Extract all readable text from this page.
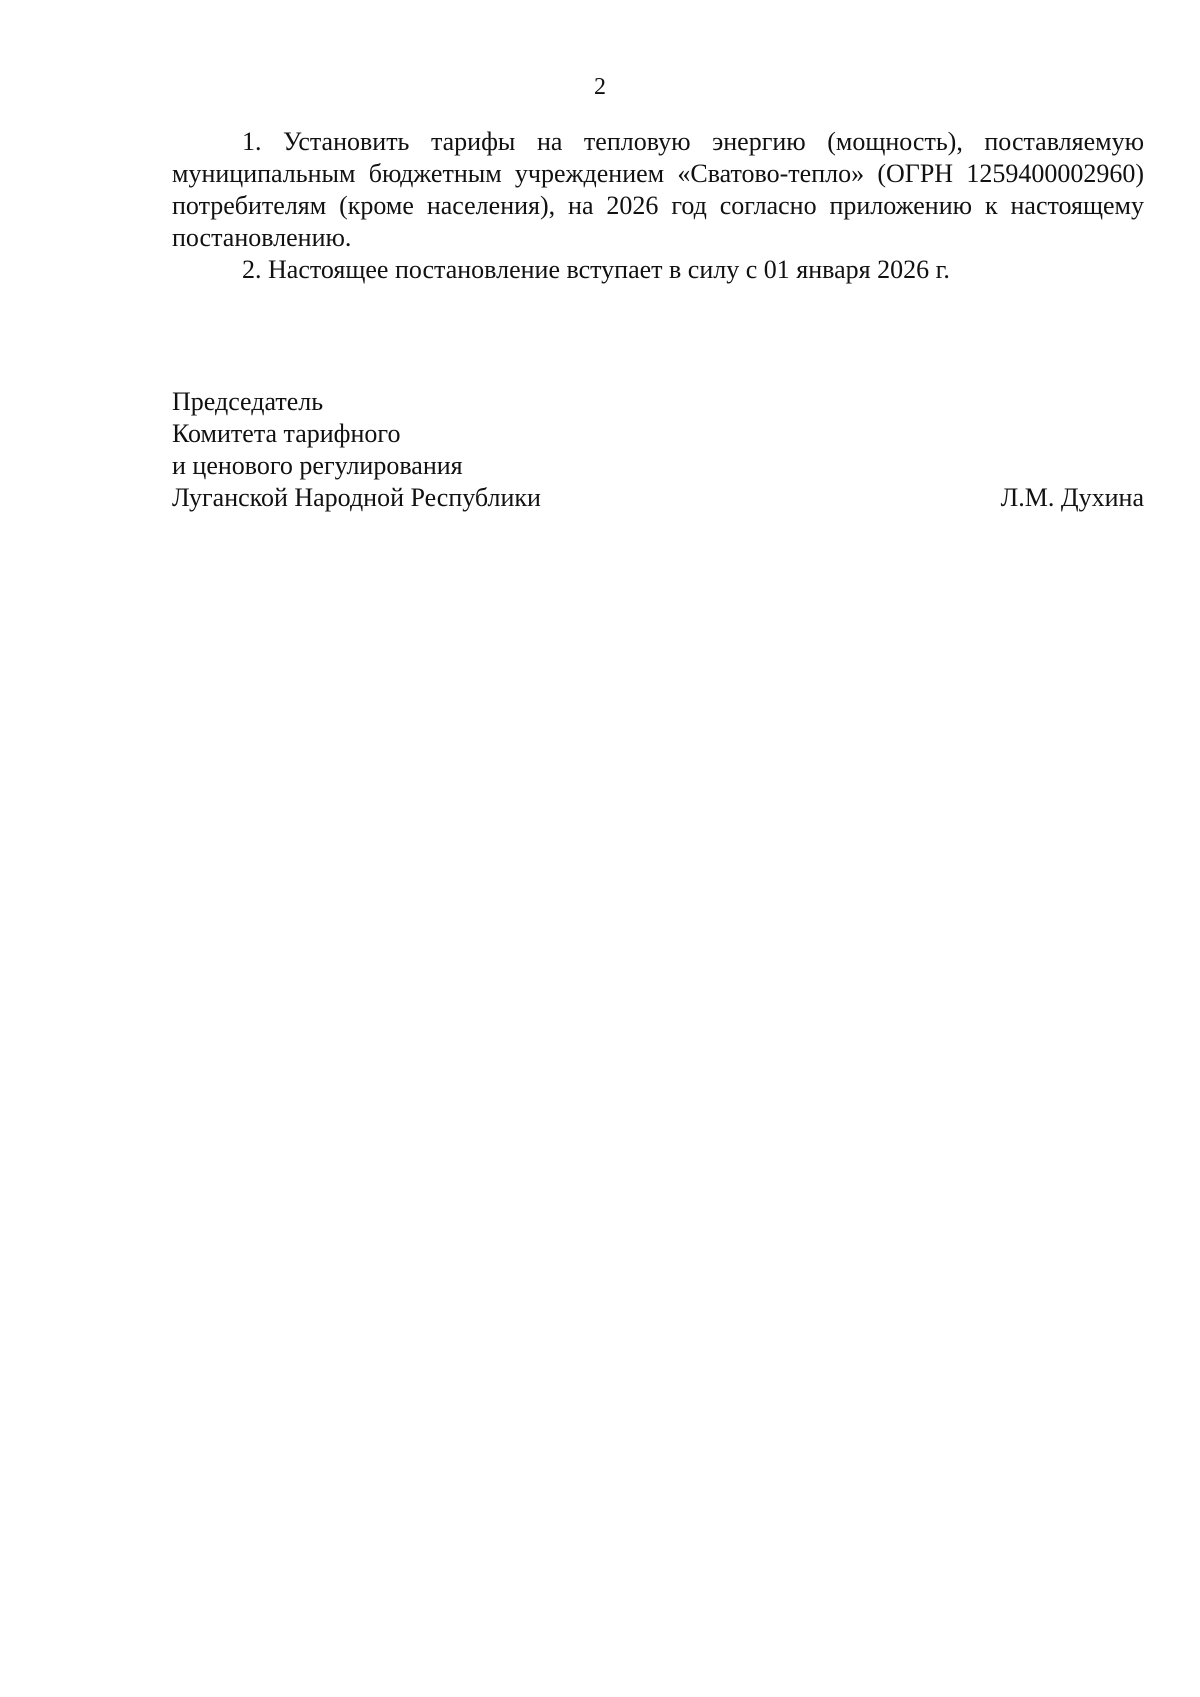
2

1. Установить тарифы на тепловую энергию (мощность), поставляемую муниципальным бюджетным учреждением «Сватово-тепло» (ОГРН 1259400002960) потребителям (кроме населения), на 2026 год согласно приложению к настоящему постановлению.

2. Настоящее постановление вступает в силу с 01 января 2026 г.

Председатель
Комитета тарифного
и ценового регулирования
Луганской Народной Республики	Л.М. Духина
